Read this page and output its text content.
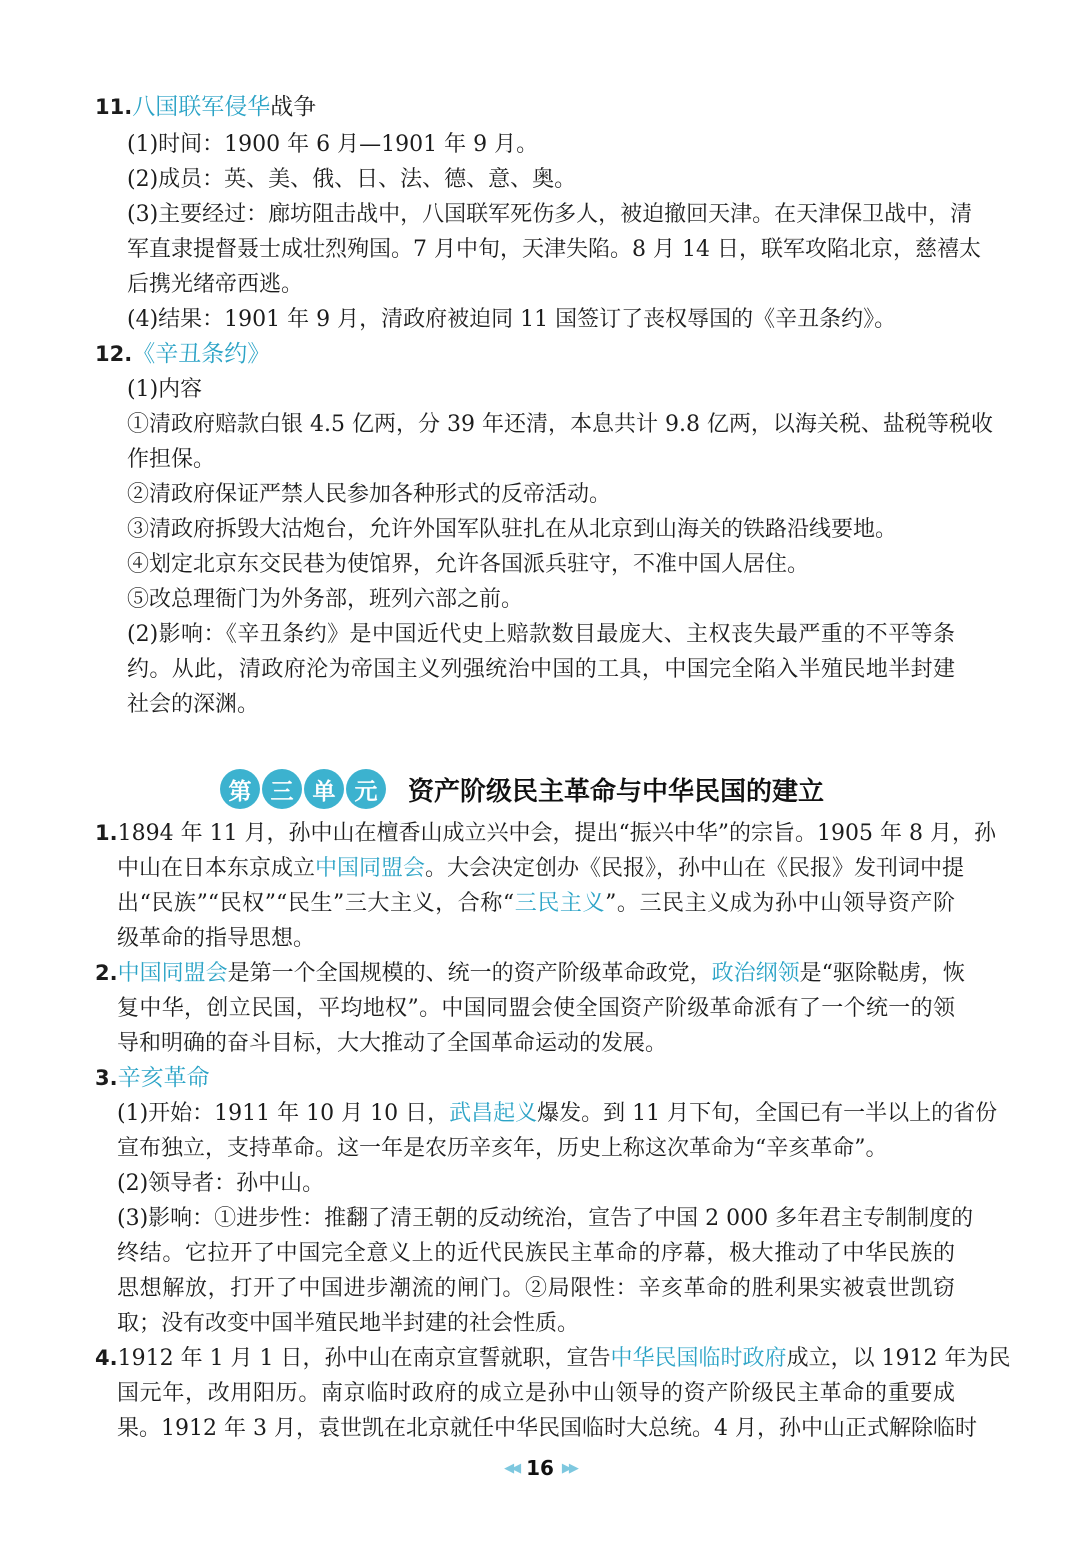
11.八国联军侵华战争
(1)时间：1900 年 6 月—1901 年 9 月。
(2)成员：英、美、俄、日、法、德、意、奥。
(3)主要经过：廊坊阻击战中，八国联军死伤多人，被迫撤回天津。在天津保卫战中，清
军直隶提督聂士成壮烈殉国。7 月中旬，天津失陷。8 月 14 日，联军攻陷北京，慈禧太
后携光绪帝西逃。
(4)结果：1901 年 9 月，清政府被迫同 11 国签订了丧权辱国的《辛丑条约》。
12.《辛丑条约》
(1)内容
①清政府赔款白银 4.5 亿两，分 39 年还清，本息共计 9.8 亿两，以海关税、盐税等税收
作担保。
②清政府保证严禁人民参加各种形式的反帝活动。
③清政府拆毁大沽炮台，允许外国军队驻扎在从北京到山海关的铁路沿线要地。
④划定北京东交民巷为使馆界，允许各国派兵驻守，不准中国人居住。
⑤改总理衙门为外务部，班列六部之前。
(2)影响：《辛丑条约》是中国近代史上赔款数目最庞大、主权丧失最严重的不平等条
约。从此，清政府沦为帝国主义列强统治中国的工具，中国完全陷入半殖民地半封建
社会的深渊。
第 三 单 元	资产阶级民主革命与中华民国的建立
1.1894 年 11 月，孙中山在檀香山成立兴中会，提出“振兴中华”的宗旨。1905 年 8 月，孙
中山在日本东京成立中国同盟会。大会决定创办《民报》，孙中山在《民报》发刊词中提
出“民族”“民权”“民生”三大主义，合称“三民主义”。三民主义成为孙中山领导资产阶
级革命的指导思想。
2.中国同盟会是第一个全国规模的、统一的资产阶级革命政党，政治纲领是“驱除鞑虏，恢
复中华，创立民国，平均地权”。中国同盟会使全国资产阶级革命派有了一个统一的领
导和明确的奋斗目标，大大推动了全国革命运动的发展。
3.辛亥革命
(1)开始：1911 年 10 月 10 日，武昌起义爆发。到 11 月下旬，全国已有一半以上的省份
宣布独立，支持革命。这一年是农历辛亥年，历史上称这次革命为“辛亥革命”。
(2)领导者：孙中山。
(3)影响：①进步性：推翻了清王朝的反动统治，宣告了中国 2 000 多年君主专制制度的
终结。它拉开了中国完全意义上的近代民族民主革命的序幕，极大推动了中华民族的
思想解放，打开了中国进步潮流的闸门。②局限性：辛亥革命的胜利果实被袁世凯窃
取；没有改变中国半殖民地半封建的社会性质。
4.1912 年 1 月 1 日，孙中山在南京宣誓就职，宣告中华民国临时政府成立，以 1912 年为民
国元年，改用阳历。南京临时政府的成立是孙中山领导的资产阶级民主革命的重要成
果。1912 年 3 月，袁世凯在北京就任中华民国临时大总统。4 月，孙中山正式解除临时
◀◀ 16 ▶▶
